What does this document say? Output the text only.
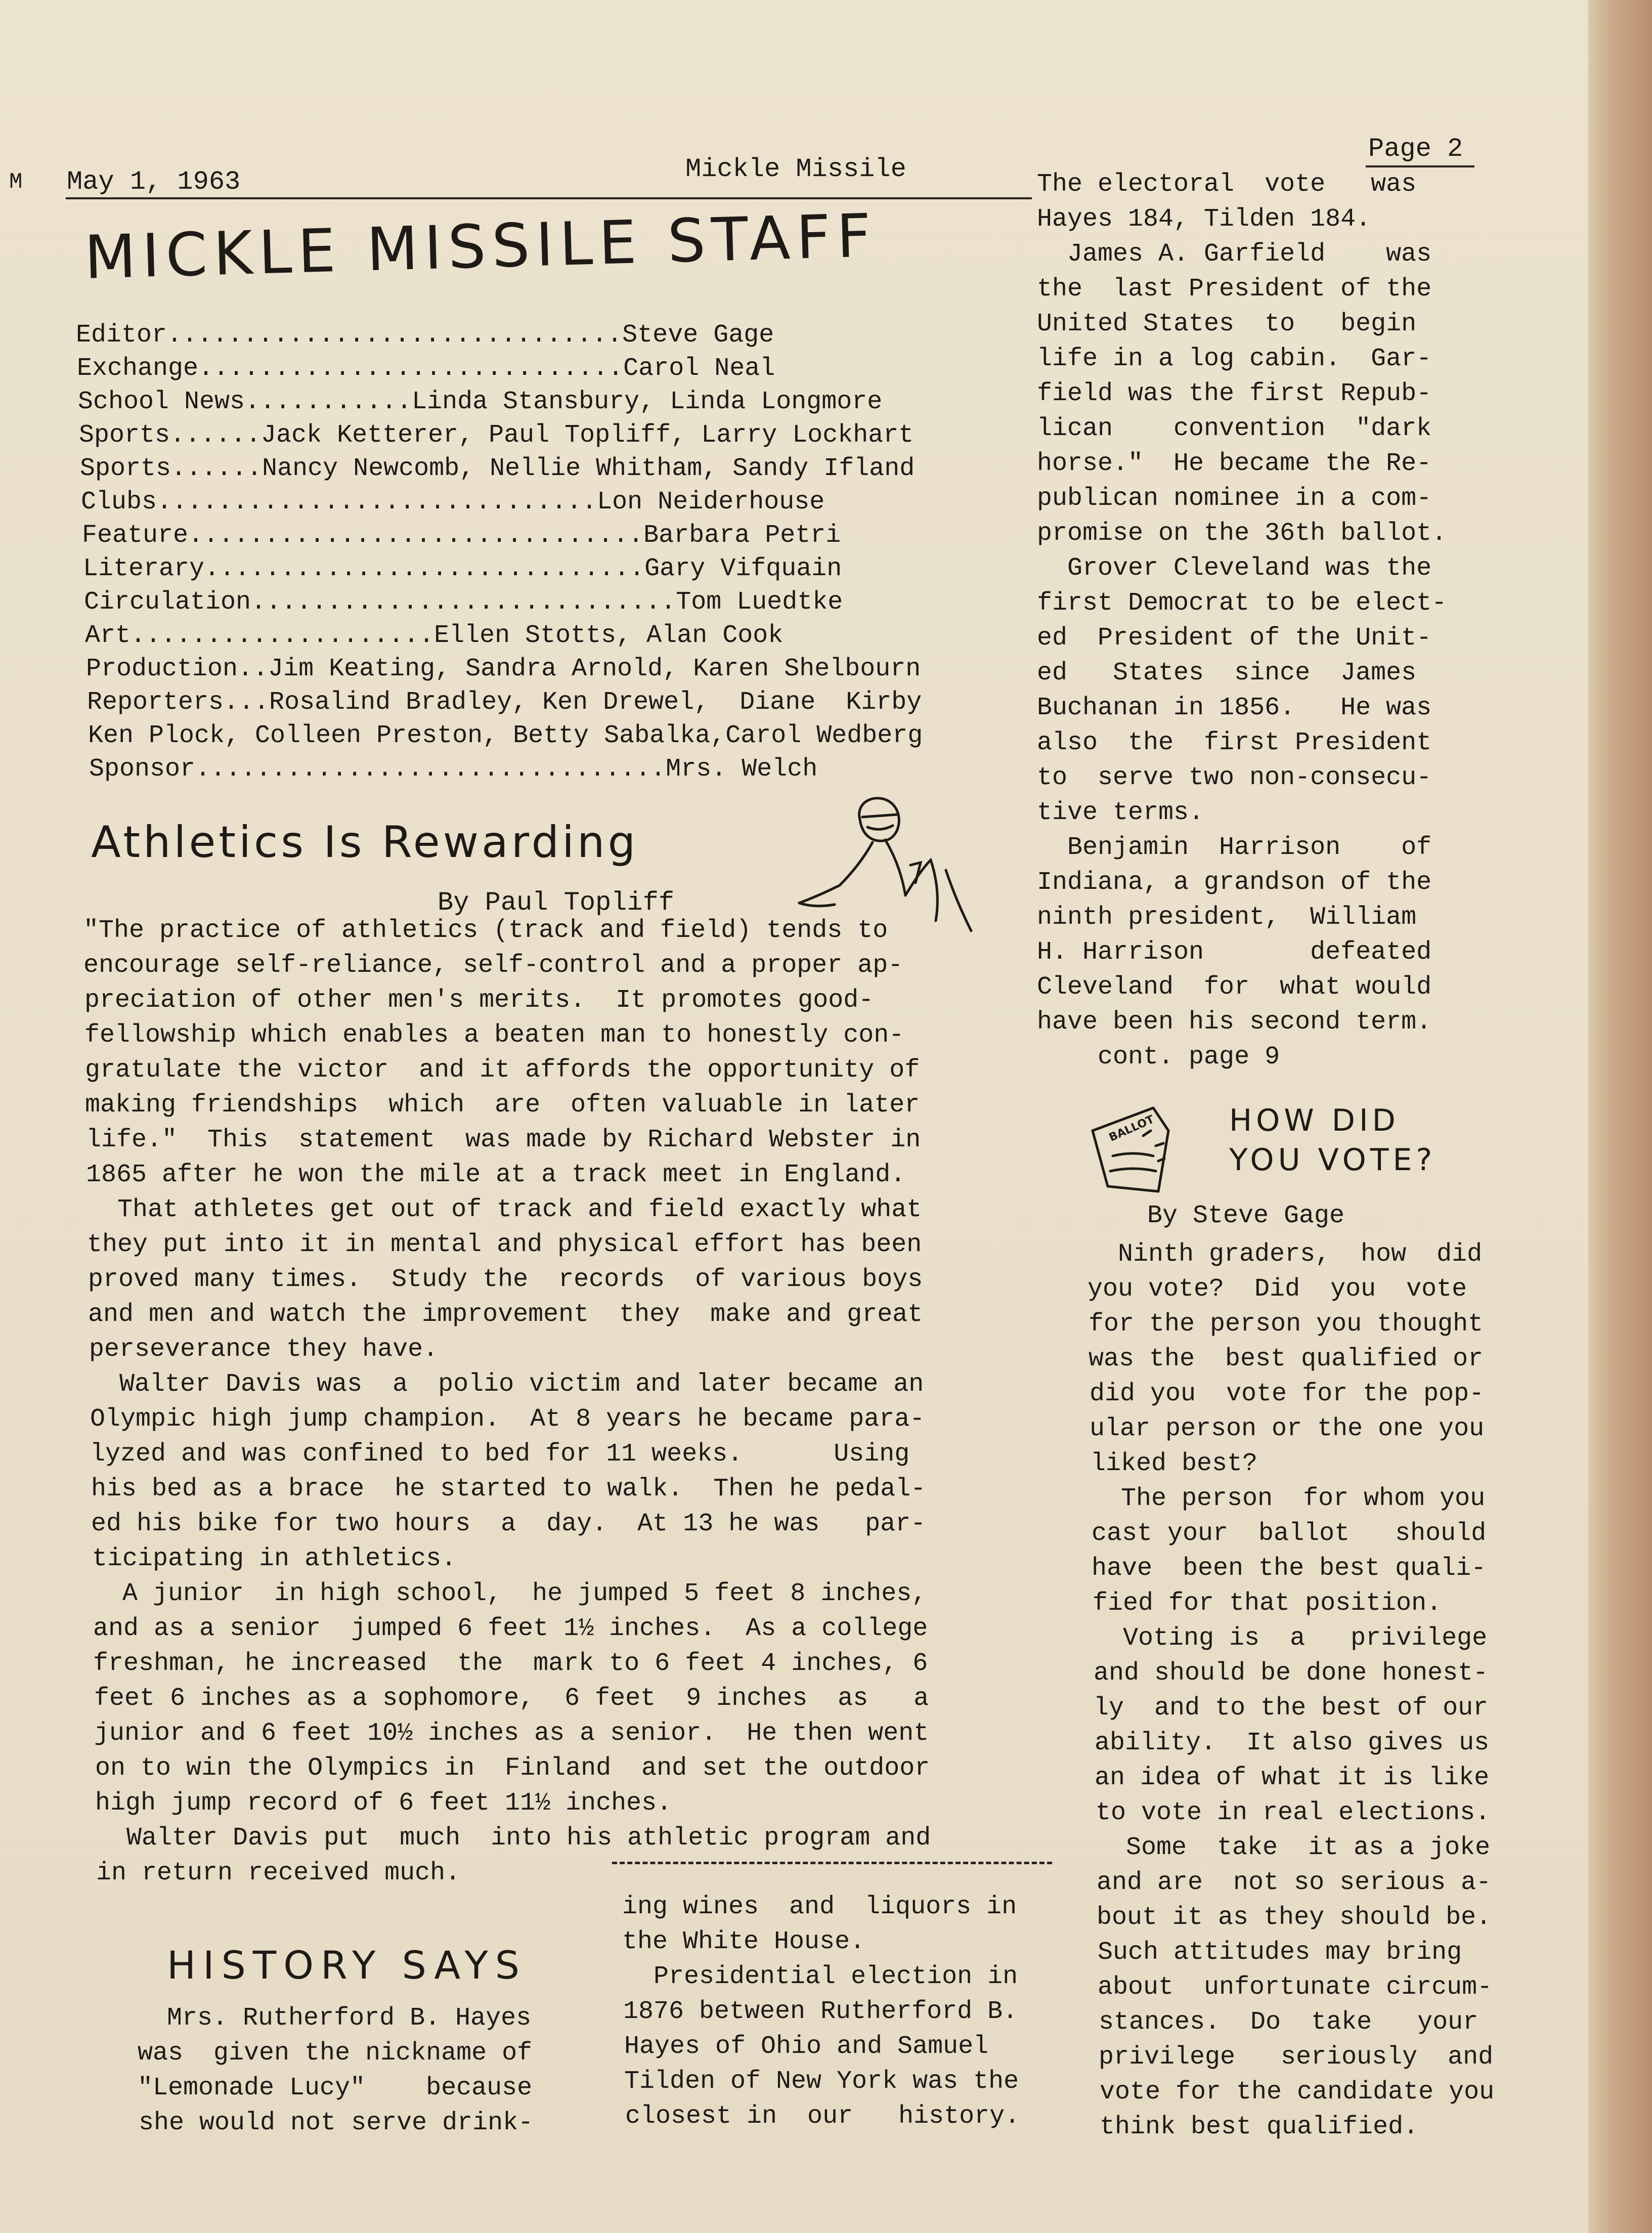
M May 1, 1963	Mickle Missile
Page 2
MICKLE MISSILE STAFF
Editor..............................Steve Gage
Exchange............................Carol Neal
School News...........Linda Stansbury, Linda Longmore
Sports......Jack Ketterer, Paul Topliff, Larry Lockhart
Sports......Nancy Newcomb, Nellie Whitham, Sandy Ifland
Clubs.............................Lon Neiderhouse
Feature..............................Barbara Petri
Literary.............................Gary Vifquain
Circulation............................Tom Luedtke
Art....................Ellen Stotts, Alan Cook
Production..Jim Keating, Sandra Arnold, Karen Shelbourn
Reporters...Rosalind Bradley, Ken Drewel,  Diane  Kirby
Ken Plock, Colleen Preston, Betty Sabalka,Carol Wedberg
Sponsor...............................Mrs. Welch
Athletics Is Rewarding
By Paul Topliff
"The practice of athletics (track and field) tends to
encourage self-reliance, self-control and a proper ap-
preciation of other men's merits.  It promotes good-
fellowship which enables a beaten man to honestly con-
gratulate the victor  and it affords the opportunity of
making friendships  which  are  often valuable in later
life."  This  statement  was made by Richard Webster in
1865 after he won the mile at a track meet in England.
That athletes get out of track and field exactly what
they put into it in mental and physical effort has been
proved many times.  Study the  records  of various boys
and men and watch the improvement  they  make and great
perseverance they have.
Walter Davis was  a  polio victim and later became an
Olympic high jump champion.  At 8 years he became para-
lyzed and was confined to bed for 11 weeks.      Using
his bed as a brace  he started to walk.  Then he pedal-
ed his bike for two hours  a  day.  At 13 he was   par-
ticipating in athletics.
A junior  in high school,  he jumped 5 feet 8 inches,
and as a senior  jumped 6 feet 1½ inches.  As a college
freshman, he increased  the  mark to 6 feet 4 inches, 6
feet 6 inches as a sophomore,  6 feet  9 inches  as   a
junior and 6 feet 10½ inches as a senior.  He then went
on to win the Olympics in  Finland  and set the outdoor
high jump record of 6 feet 11½ inches.
Walter Davis put  much  into his athletic program and
in return received much.
HISTORY SAYS
Mrs. Rutherford B. Hayes
was  given the nickname of
"Lemonade Lucy"    because
she would not serve drink-
ing wines  and  liquors in
the White House.
Presidential election in
1876 between Rutherford B.
Hayes of Ohio and Samuel
Tilden of New York was the
closest in  our   history.
The electoral  vote   was
Hayes 184, Tilden 184.
James A. Garfield    was
the  last President of the
United States  to   begin
life in a log cabin.  Gar-
field was the first Repub-
lican    convention  "dark
horse."  He became the Re-
publican nominee in a com-
promise on the 36th ballot.
Grover Cleveland was the
first Democrat to be elect-
ed  President of the Unit-
ed   States  since  James
Buchanan in 1856.   He was
also  the  first President
to  serve two non-consecu-
tive terms.
Benjamin  Harrison    of
Indiana, a grandson of the
ninth president,  William
H. Harrison       defeated
Cleveland  for  what would
have been his second term.
cont. page 9
BALLOT HOW DID
YOU VOTE?
By Steve Gage
Ninth graders,  how  did
you vote?  Did  you  vote
for the person you thought
was the  best qualified or
did you  vote for the pop-
ular person or the one you
liked best?
The person  for whom you
cast your  ballot   should
have  been the best quali-
fied for that position.
Voting is  a   privilege
and should be done honest-
ly  and to the best of our
ability.  It also gives us
an idea of what it is like
to vote in real elections.
Some  take  it as a joke
and are  not so serious a-
bout it as they should be.
Such attitudes may bring
about  unfortunate circum-
stances.  Do  take   your
privilege   seriously  and
vote for the candidate you
think best qualified.
